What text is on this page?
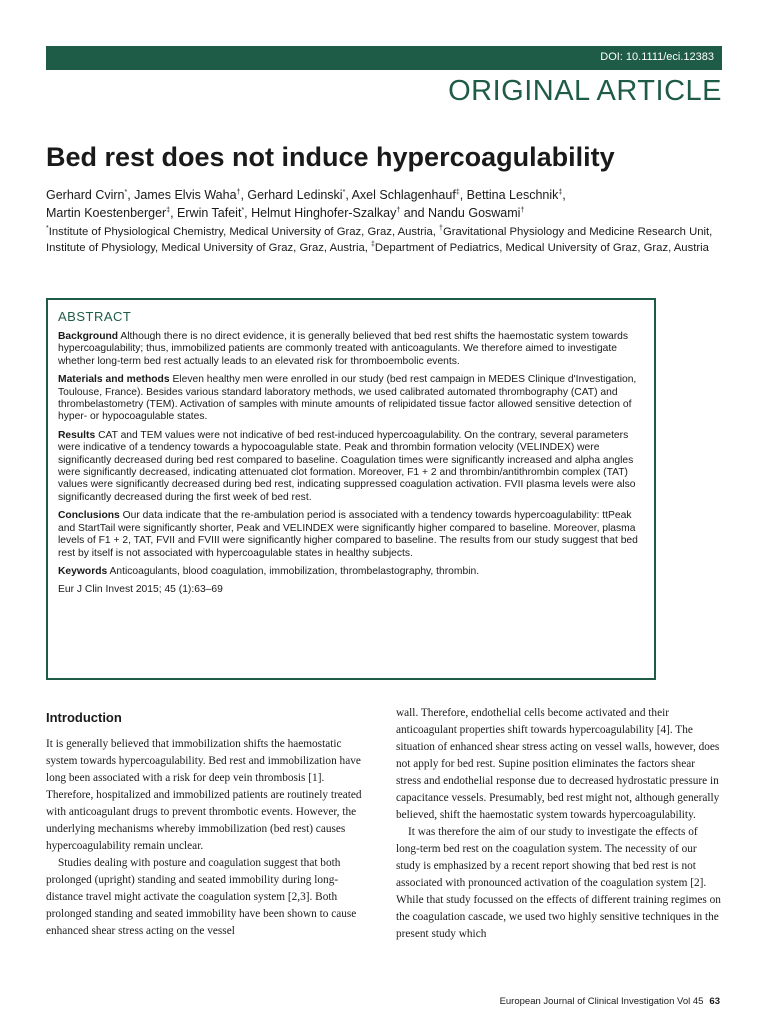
DOI: 10.1111/eci.12383
ORIGINAL ARTICLE
Bed rest does not induce hypercoagulability
Gerhard Cvirn*, James Elvis Waha†, Gerhard Ledinski*, Axel Schlagenhauf‡, Bettina Leschnik‡,
Martin Koestenberger‡, Erwin Tafeit*, Helmut Hinghofer-Szalkay† and Nandu Goswami†
*Institute of Physiological Chemistry, Medical University of Graz, Graz, Austria, †Gravitational Physiology and Medicine Research Unit, Institute of Physiology, Medical University of Graz, Graz, Austria, ‡Department of Pediatrics, Medical University of Graz, Graz, Austria
ABSTRACT

Background Although there is no direct evidence, it is generally believed that bed rest shifts the haemostatic system towards hypercoagulability; thus, immobilized patients are commonly treated with anticoagulants. We therefore aimed to investigate whether long-term bed rest actually leads to an elevated risk for thromboembolic events.

Materials and methods Eleven healthy men were enrolled in our study (bed rest campaign in MEDES Clinique d'Investigation, Toulouse, France). Besides various standard laboratory methods, we used calibrated automated thrombography (CAT) and thrombelastometry (TEM). Activation of samples with minute amounts of relipidated tissue factor allowed sensitive detection of hyper- or hypocoagulable states.

Results CAT and TEM values were not indicative of bed rest-induced hypercoagulability. On the contrary, several parameters were indicative of a tendency towards a hypocoagulable state. Peak and thrombin formation velocity (VELINDEX) were significantly decreased during bed rest compared to baseline. Coagulation times were significantly increased and alpha angles were significantly decreased, indicating attenuated clot formation. Moreover, F1 + 2 and thrombin/antithrombin complex (TAT) values were significantly decreased during bed rest, indicating suppressed coagulation activation. FVII plasma levels were also significantly decreased during the first week of bed rest.

Conclusions Our data indicate that the re-ambulation period is associated with a tendency towards hypercoagulability: ttPeak and StartTail were significantly shorter, Peak and VELINDEX were significantly higher compared to baseline. Moreover, plasma levels of F1 + 2, TAT, FVII and FVIII were significantly higher compared to baseline. The results from our study suggest that bed rest by itself is not associated with hypercoagulable states in healthy subjects.

Keywords Anticoagulants, blood coagulation, immobilization, thrombelastography, thrombin.

Eur J Clin Invest 2015; 45 (1):63–69

Introduction

It is generally believed that immobilization shifts the haemostatic system towards hypercoagulability. Bed rest and immobilization have long been associated with a risk for deep vein thrombosis [1]. Therefore, hospitalized and immobilized patients are routinely treated with anticoagulant drugs to prevent thrombotic events. However, the underlying mechanisms whereby immobilization (bed rest) causes hypercoagulability remain unclear.

Studies dealing with posture and coagulation suggest that both prolonged (upright) standing and seated immobility during long-distance travel might activate the coagulation system [2,3]. Both prolonged standing and seated immobility have been shown to cause enhanced shear stress acting on the vessel

wall. Therefore, endothelial cells become activated and their anticoagulant properties shift towards hypercoagulability [4]. The situation of enhanced shear stress acting on vessel walls, however, does not apply for bed rest. Supine position eliminates the factors shear stress and endothelial response due to decreased hydrostatic pressure in capacitance vessels. Presumably, bed rest might not, although generally believed, shift the haemostatic system towards hypercoagulability.

It was therefore the aim of our study to investigate the effects of long-term bed rest on the coagulation system. The necessity of our study is emphasized by a recent report showing that bed rest is not associated with pronounced activation of the coagulation system [2]. While that study focussed on the effects of different training regimes on the coagulation cascade, we used two highly sensitive techniques in the present study which

European Journal of Clinical Investigation Vol 45 63
